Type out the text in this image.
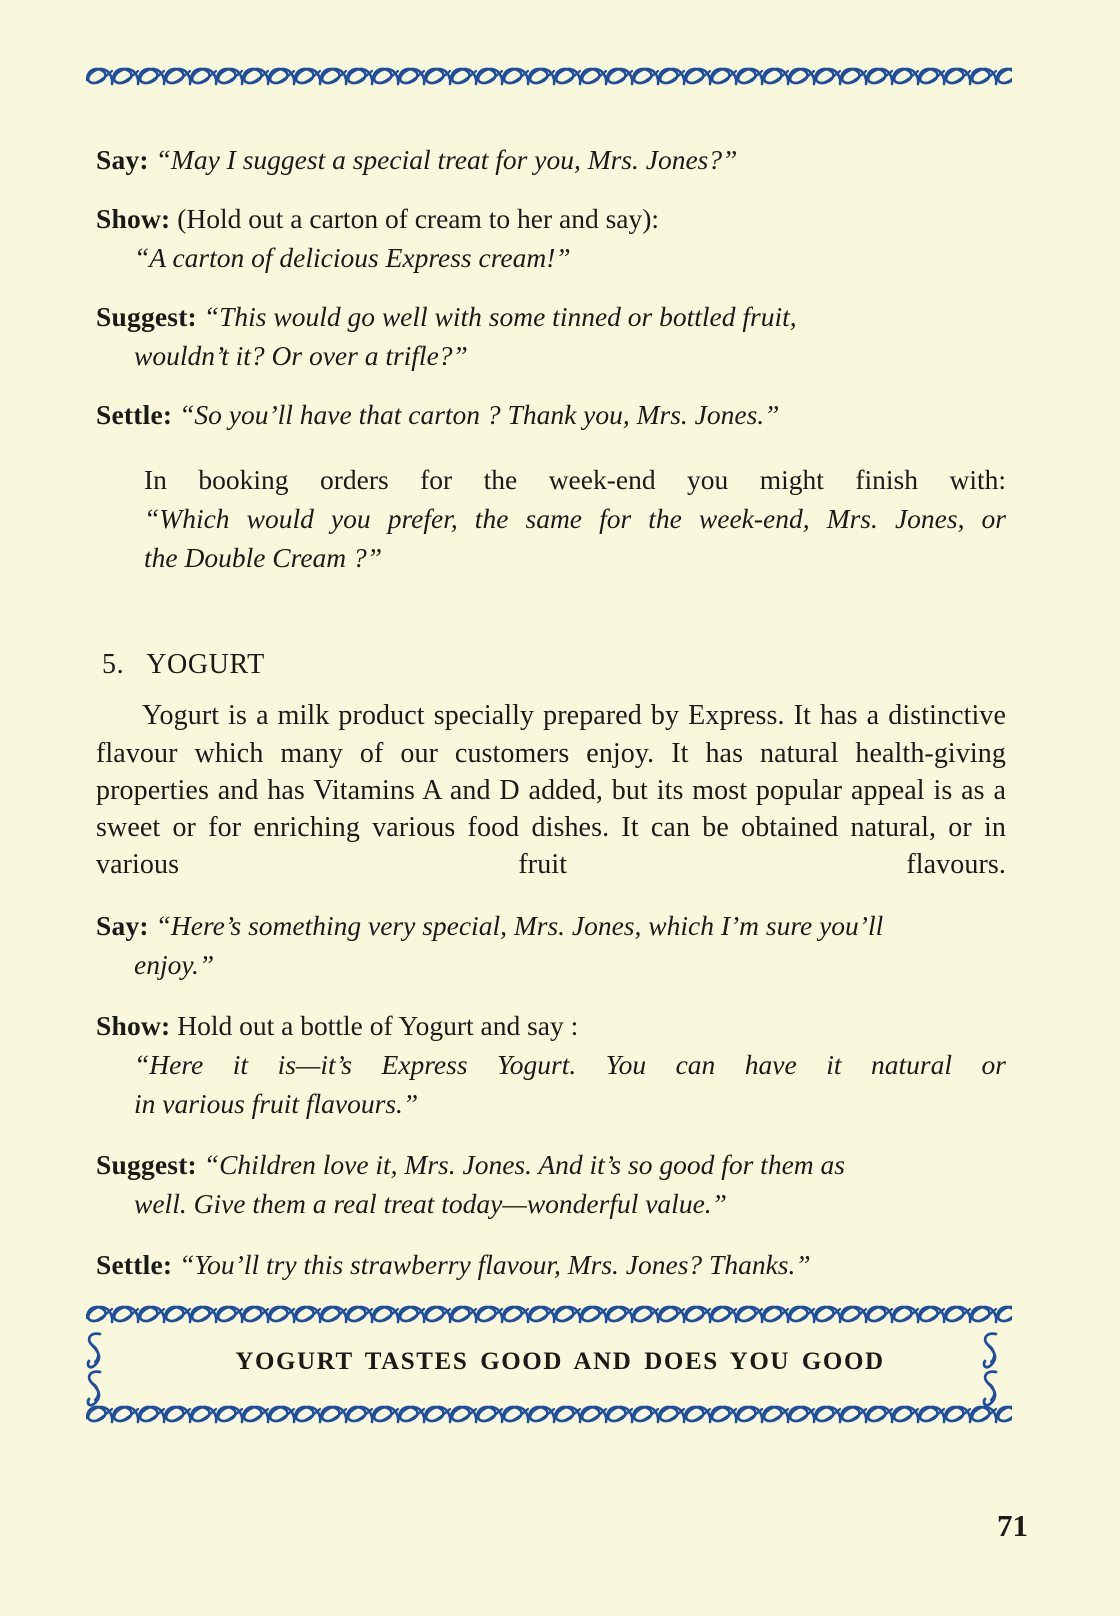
Say: “May I suggest a special treat for you, Mrs. Jones?”

Show: (Hold out a carton of cream to her and say):

“A carton of delicious Express cream!”

Suggest: “This would go well with some tinned or bottled fruit,

wouldn’t it? Or over a trifle?”

Settle: “So you’ll have that carton ? Thank you, Mrs. Jones.”

In booking orders for the week-end you might finish with:

“Which would you prefer, the same for the week-end, Mrs. Jones, or

the Double Cream ?”

5. YOGURT

Yogurt is a milk product specially prepared by Express. It has a distinctive flavour which many of our customers enjoy. It has natural health-giving properties and has Vitamins A and D added, but its most popular appeal is as a sweet or for enriching various food dishes. It can be obtained natural, or in various fruit flavours.

Say: “Here’s something very special, Mrs. Jones, which I’m sure you’ll

enjoy.”

Show: Hold out a bottle of Yogurt and say :

“Here it is—it’s Express Yogurt. You can have it natural or

in various fruit flavours.”

Suggest: “Children love it, Mrs. Jones. And it’s so good for them as

well. Give them a real treat today—wonderful value.”

Settle: “You’ll try this strawberry flavour, Mrs. Jones? Thanks.”

YOGURT TASTES GOOD AND DOES YOU GOOD
71
